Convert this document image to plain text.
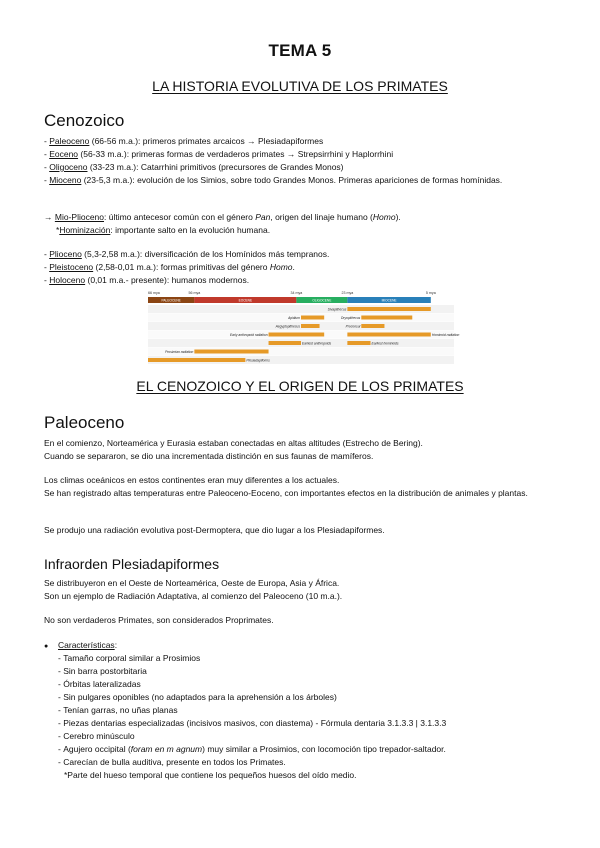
TEMA 5
LA HISTORIA EVOLUTIVA DE LOS PRIMATES
Cenozoico
- Paleoceno (66-56 m.a.): primeros primates arcaicos → Plesiadapiformes
- Eoceno (56-33 m.a.): primeras formas de verdaderos primates → Strepsirrhini y Haplorrhini
- Oligoceno (33-23 m.a.): Catarrhini primitivos (precursores de Grandes Monos)
- Mioceno (23-5,3 m.a.): evolución de los Simios, sobre todo Grandes Monos. Primeras apariciones de formas homínidas.
→ Mio-Plioceno: último antecesor común con el género Pan, origen del linaje humano (Homo).
*Hominización: importante salto en la evolución humana.
- Plioceno (5,3-2,58 m.a.): diversificación de los Homínidos más tempranos.
- Pleistoceno (2,58-0,01 m.a.): formas primitivas del género Homo.
- Holoceno (0,01 m.a.- presente): humanos modernos.
66 mya	56 mya	34 mya	23 mya	5 mya
PALEOCENE	EOCENE	OLIGOCENE	MIOCENE
Sivapithecus
Apidium	Dryopithecus
Aegyptopithecus	Proconsul
Early anthropoid radiation	Hominoid radiation
Earliest anthropoids	Earliest hominoids
Prosimian radiation
Plesiadapiforms
EL CENOZOICO Y EL ORIGEN DE LOS PRIMATES
Paleoceno
En el comienzo, Norteamérica y Eurasia estaban conectadas en altas altitudes (Estrecho de Bering).
Cuando se separaron, se dio una incrementada distinción en sus faunas de mamíferos.
Los climas oceánicos en estos continentes eran muy diferentes a los actuales.
Se han registrado altas temperaturas entre Paleoceno-Eoceno, con importantes efectos en la distribución de animales y plantas.
Se produjo una radiación evolutiva post-Dermoptera, que dio lugar a los Plesiadapiformes.
Infraorden Plesiadapiformes
Se distribuyeron en el Oeste de Norteamérica, Oeste de Europa, Asia y África.
Son un ejemplo de Radiación Adaptativa, al comienzo del Paleoceno (10 m.a.).
No son verdaderos Primates, son considerados Proprimates.
● Características:
- Tamaño corporal similar a Prosimios
- Sin barra postorbitaria
- Órbitas lateralizadas
- Sin pulgares oponibles (no adaptados para la aprehensión a los árboles)
- Tenían garras, no uñas planas
- Piezas dentarias especializadas (incisivos masivos, con diastema) - Fórmula dentaria 3.1.3.3 | 3.1.3.3
- Cerebro minúsculo
- Agujero occipital (foram en m agnum) muy similar a Prosimios, con locomoción tipo trepador-saltador.
- Carecían de bulla auditiva, presente en todos los Primates.
*Parte del hueso temporal que contiene los pequeños huesos del oído medio.
